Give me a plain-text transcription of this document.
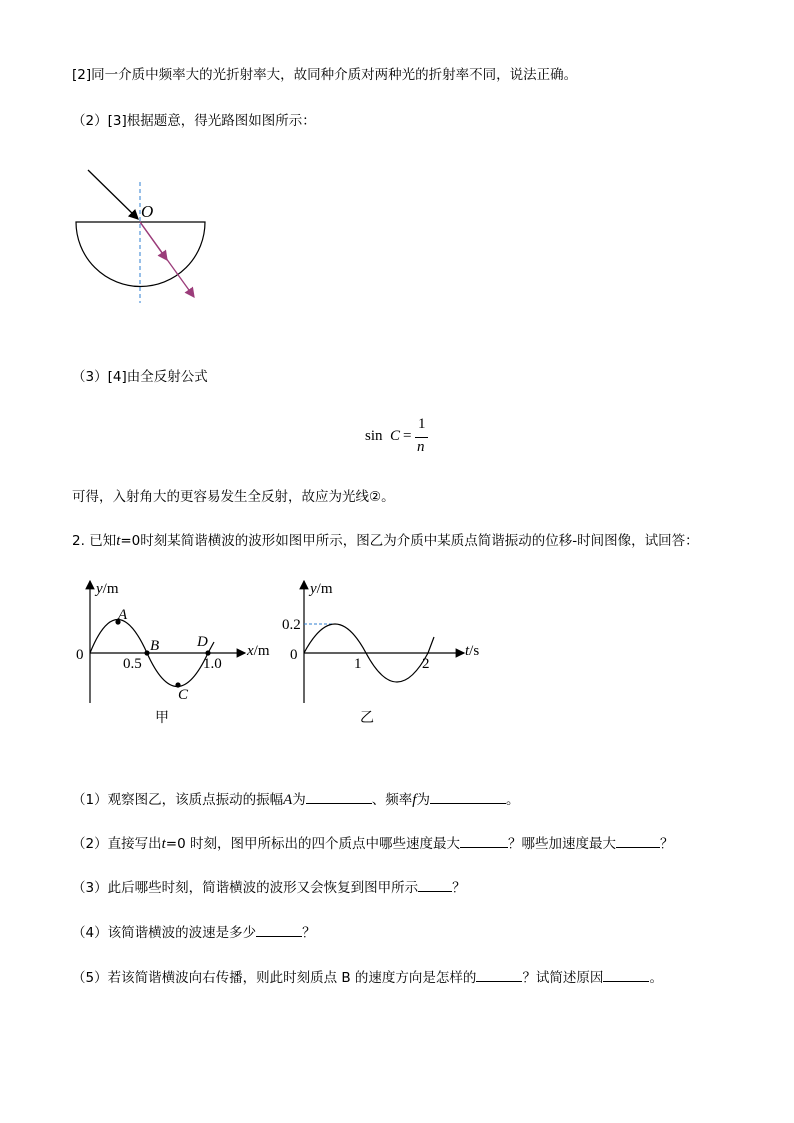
[2]同一介质中频率大的光折射率大，故同种介质对两种光的折射率不同，说法正确。
（2）[3]根据题意，得光路图如图所示：
O
（3）[4]由全反射公式
sin C =
1
n
可得，入射角大的更容易发生全反射，故应为光线②。
2. 已知t=0时刻某简谐横波的波形如图甲所示，图乙为介质中某质点简谐振动的位移-时间图像，试回答：
y/m
x/m
0
0.5	1.0
A
B
C
D
甲
y/m
t/s
0
0.2
1	2
乙
（1）观察图乙，该质点振动的振幅A为	、频率f为	。
（2）直接写出t=0 时刻，图甲所标出的四个质点中哪些速度最大	？哪些加速度最大	？
（3）此后哪些时刻，简谐横波的波形又会恢复到图甲所示	？
（4）该简谐横波的波速是多少	？
（5）若该简谐横波向右传播，则此时刻质点 B 的速度方向是怎样的	？试简述原因	。
